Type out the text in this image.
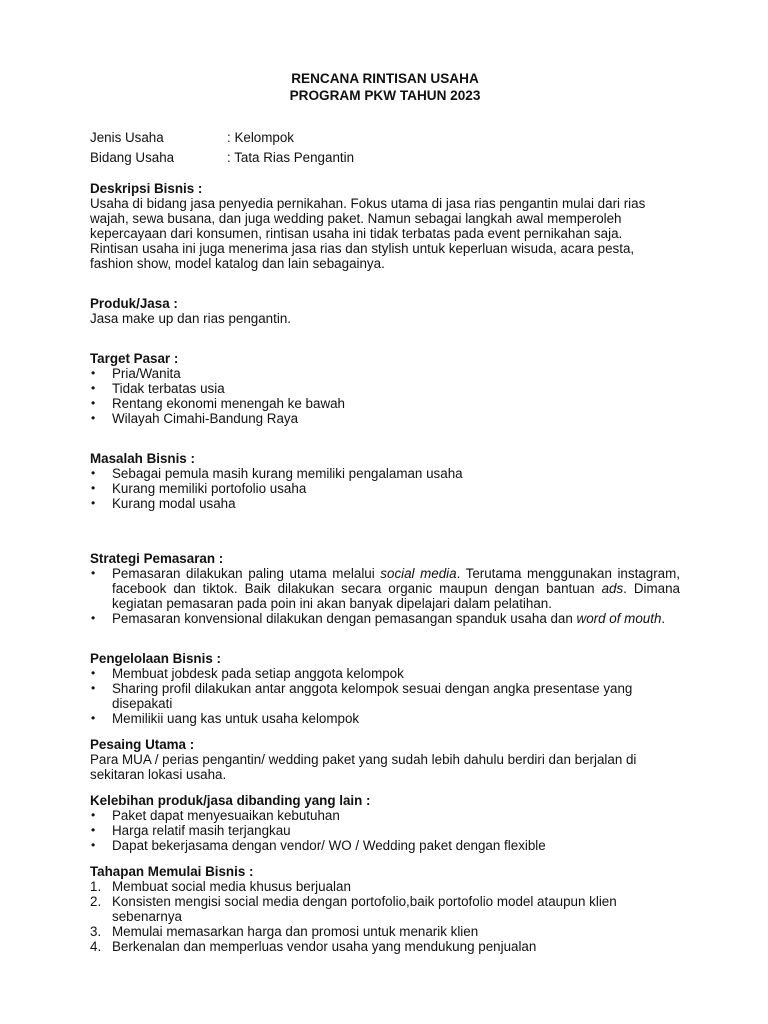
RENCANA RINTISAN USAHA
PROGRAM PKW TAHUN 2023
Jenis Usaha	: Kelompok
Bidang Usaha	: Tata Rias Pengantin
Deskripsi Bisnis :
Usaha di bidang jasa penyedia pernikahan. Fokus utama di jasa rias pengantin mulai dari rias
wajah, sewa busana, dan juga wedding paket. Namun sebagai langkah awal memperoleh
kepercayaan dari konsumen, rintisan usaha ini tidak terbatas pada event pernikahan saja.
Rintisan usaha ini juga menerima jasa rias dan stylish untuk keperluan wisuda, acara pesta,
fashion show, model katalog dan lain sebagainya.
Produk/Jasa :
Jasa make up dan rias pengantin.
Target Pasar :
• Pria/Wanita
• Tidak terbatas usia
• Rentang ekonomi menengah ke bawah
• Wilayah Cimahi-Bandung Raya
Masalah Bisnis :
• Sebagai pemula masih kurang memiliki pengalaman usaha
• Kurang memiliki portofolio usaha
• Kurang modal usaha
Strategi Pemasaran :
• Pemasaran dilakukan paling utama melalui social media. Terutama menggunakan instagram, facebook dan tiktok. Baik dilakukan secara organic maupun dengan bantuan ads. Dimana kegiatan pemasaran pada poin ini akan banyak dipelajari dalam pelatihan.
• Pemasaran konvensional dilakukan dengan pemasangan spanduk usaha dan word of mouth.
Pengelolaan Bisnis :
• Membuat jobdesk pada setiap anggota kelompok
• Sharing profil dilakukan antar anggota kelompok sesuai dengan angka presentase yang disepakati
• Memilikii uang kas untuk usaha kelompok
Pesaing Utama :
Para MUA / perias pengantin/ wedding paket yang sudah lebih dahulu berdiri dan berjalan di sekitaran lokasi usaha.
Kelebihan produk/jasa dibanding yang lain :
• Paket dapat menyesuaikan kebutuhan
• Harga relatif masih terjangkau
• Dapat bekerjasama dengan vendor/ WO / Wedding paket dengan flexible
Tahapan Memulai Bisnis :
1. Membuat social media khusus berjualan
2. Konsisten mengisi social media dengan portofolio,baik portofolio model ataupun klien sebenarnya
3. Memulai memasarkan harga dan promosi untuk menarik klien
4. Berkenalan dan memperluas vendor usaha yang mendukung penjualan
